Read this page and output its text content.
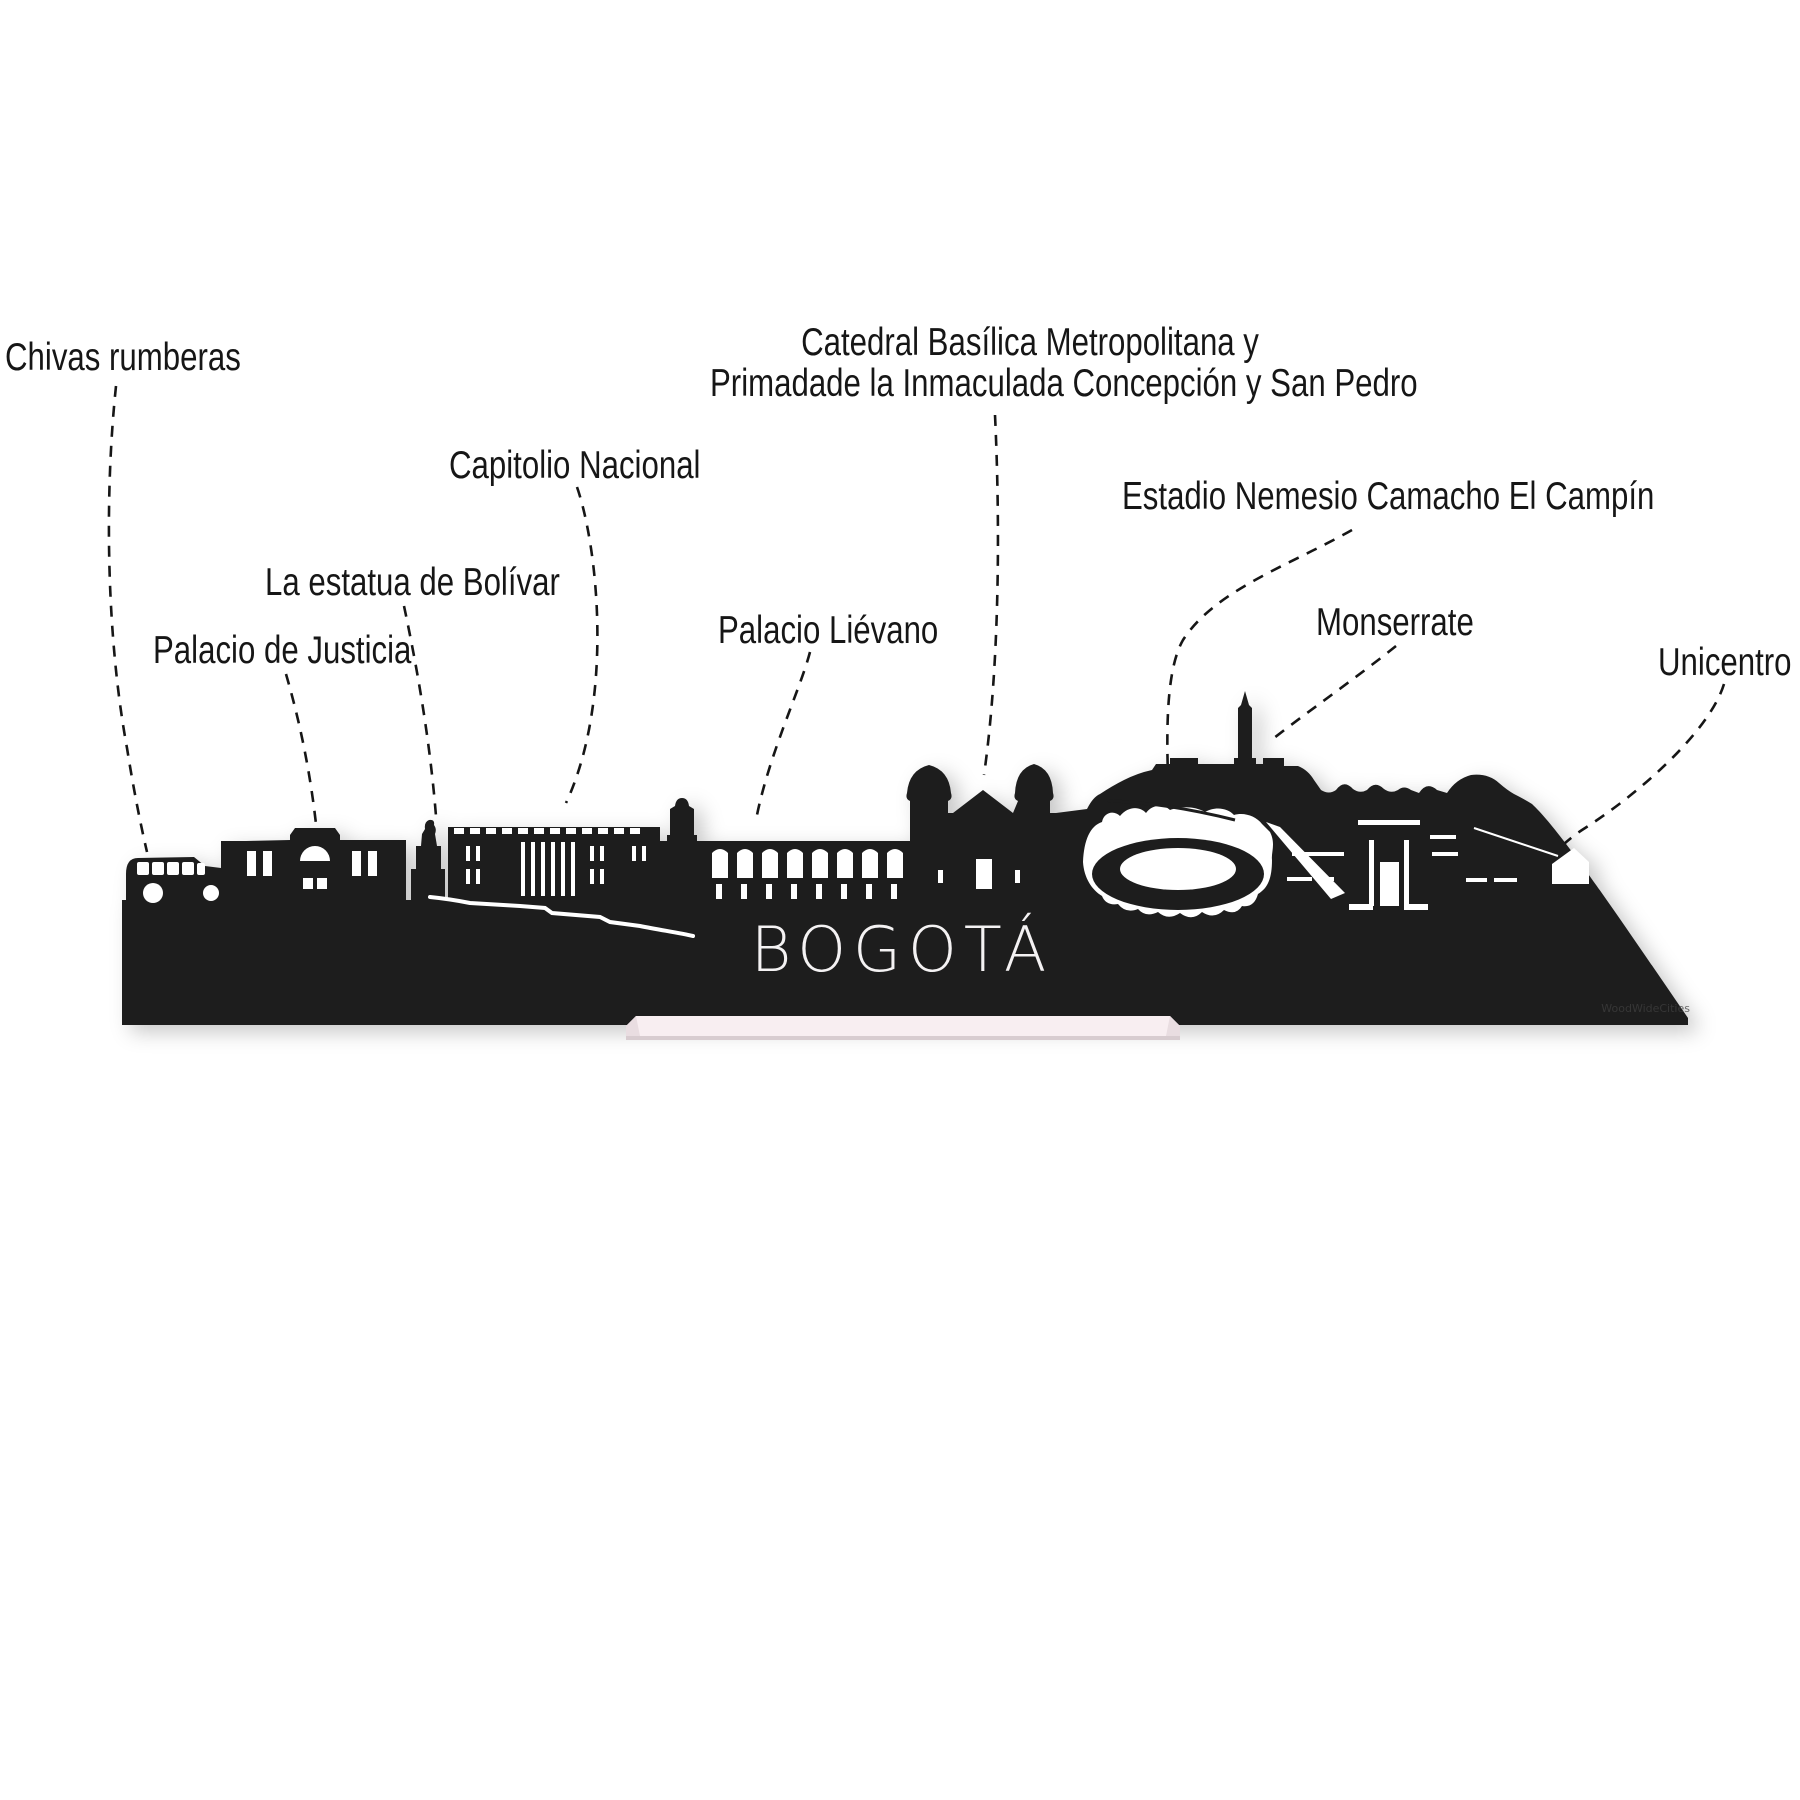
Chivas rumberas	Catedral Basílica Metropolitana y
Primadade la Inmaculada Concepción y San Pedro
Capitolio Nacional
La estatua de Bolívar
Palacio de Justicia	Palacio Liévano
Estadio Nemesio Camacho El Campín
Monserrate
Unicentro
BOGOTÁ
WoodWideCities
